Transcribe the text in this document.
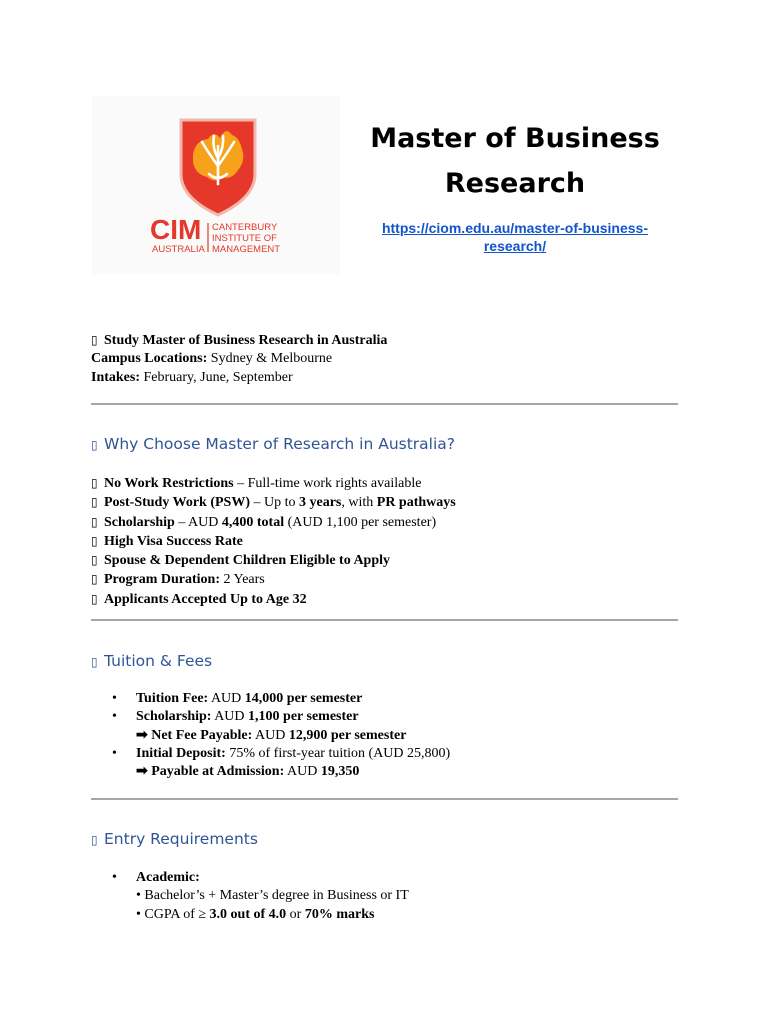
CIM
AUSTRALIA
CANTERBURY
INSTITUTE OF
MANAGEMENT
Master of Business Research
https://ciom.edu.au/master-of-business-research/
▯ Study Master of Business Research in Australia
Campus Locations: Sydney & Melbourne
Intakes: February, June, September
▯ Why Choose Master of Research in Australia?
▯ No Work Restrictions – Full-time work rights available
▯ Post-Study Work (PSW) – Up to 3 years, with PR pathways
▯ Scholarship – AUD 4,400 total (AUD 1,100 per semester)
▯ High Visa Success Rate
▯ Spouse & Dependent Children Eligible to Apply
▯ Program Duration: 2 Years
▯ Applicants Accepted Up to Age 32
▯ Tuition & Fees
• Tuition Fee: AUD 14,000 per semester
• Scholarship: AUD 1,100 per semester
➡ Net Fee Payable: AUD 12,900 per semester
• Initial Deposit: 75% of first-year tuition (AUD 25,800)
➡ Payable at Admission: AUD 19,350
▯ Entry Requirements
• Academic:
• Bachelor’s + Master’s degree in Business or IT
• CGPA of ≥ 3.0 out of 4.0 or 70% marks
